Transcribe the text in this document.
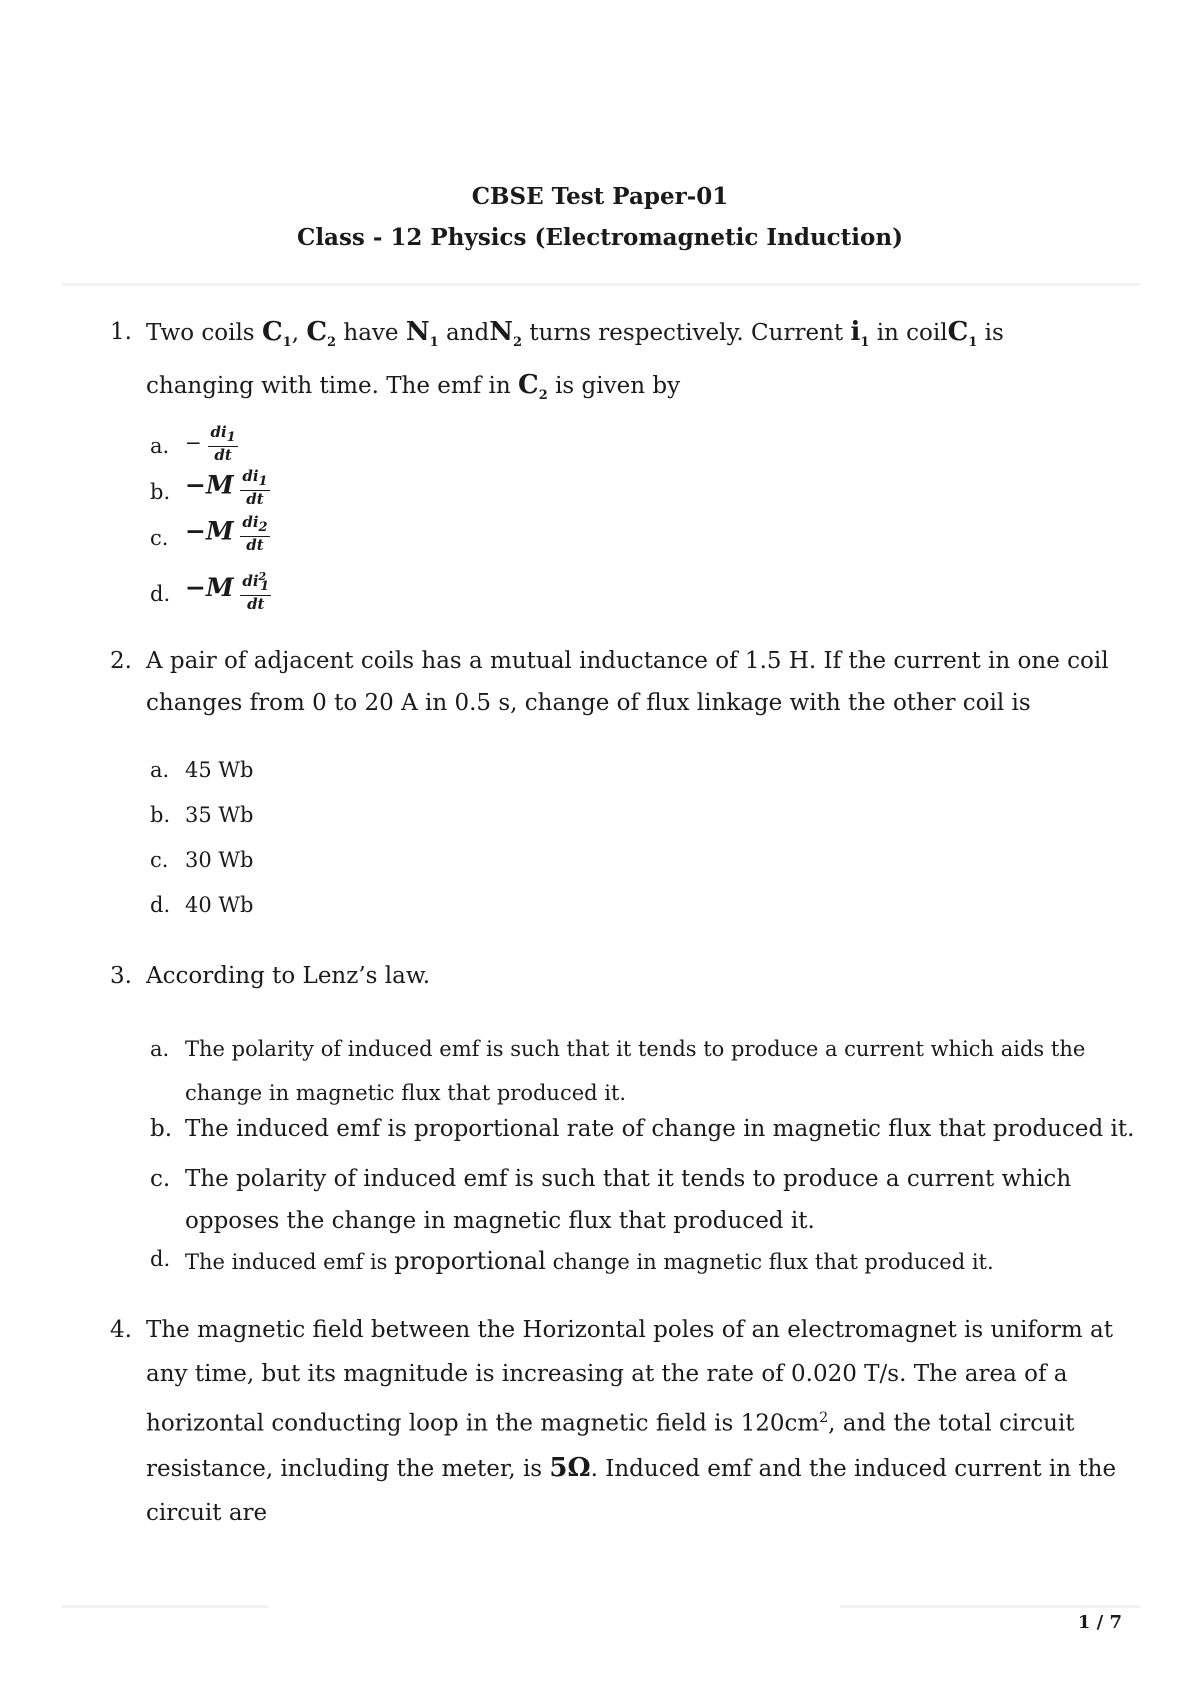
CBSE Test Paper-01
Class - 12 Physics (Electromagnetic Induction)
1. Two coils $C_1$, $C_2$ have $N_1$ andN$_2$ turns respectively. Current $i_1$ in coilC$_1$ is
changing with time. The emf in $C_2$ is given by
a. − $\frac{di_1}{dt}$
b. $-M \frac{di_1}{dt}$
c. $-M \frac{di_2}{dt}$
d. $-M \frac{di^2_1}{dt}$
2. A pair of adjacent coils has a mutual inductance of 1.5 H. If the current in one coil
changes from 0 to 20 A in 0.5 s, change of flux linkage with the other coil is
a. 45 Wb
b. 35 Wb
c. 30 Wb
d. 40 Wb
3. According to Lenz’s law.
a. The polarity of induced emf is such that it tends to produce a current which aids the
change in magnetic flux that produced it.
b. The induced emf is proportional rate of change in magnetic flux that produced it.
c. The polarity of induced emf is such that it tends to produce a current which
opposes the change in magnetic flux that produced it.
d. The induced emf is proportional change in magnetic flux that produced it.
4. The magnetic field between the Horizontal poles of an electromagnet is uniform at
any time, but its magnitude is increasing at the rate of 0.020 T/s. The area of a
horizontal conducting loop in the magnetic field is $120cm^2$, and the total circuit
resistance, including the meter, is 5Ω. Induced emf and the induced current in the
circuit are
1 / 7
